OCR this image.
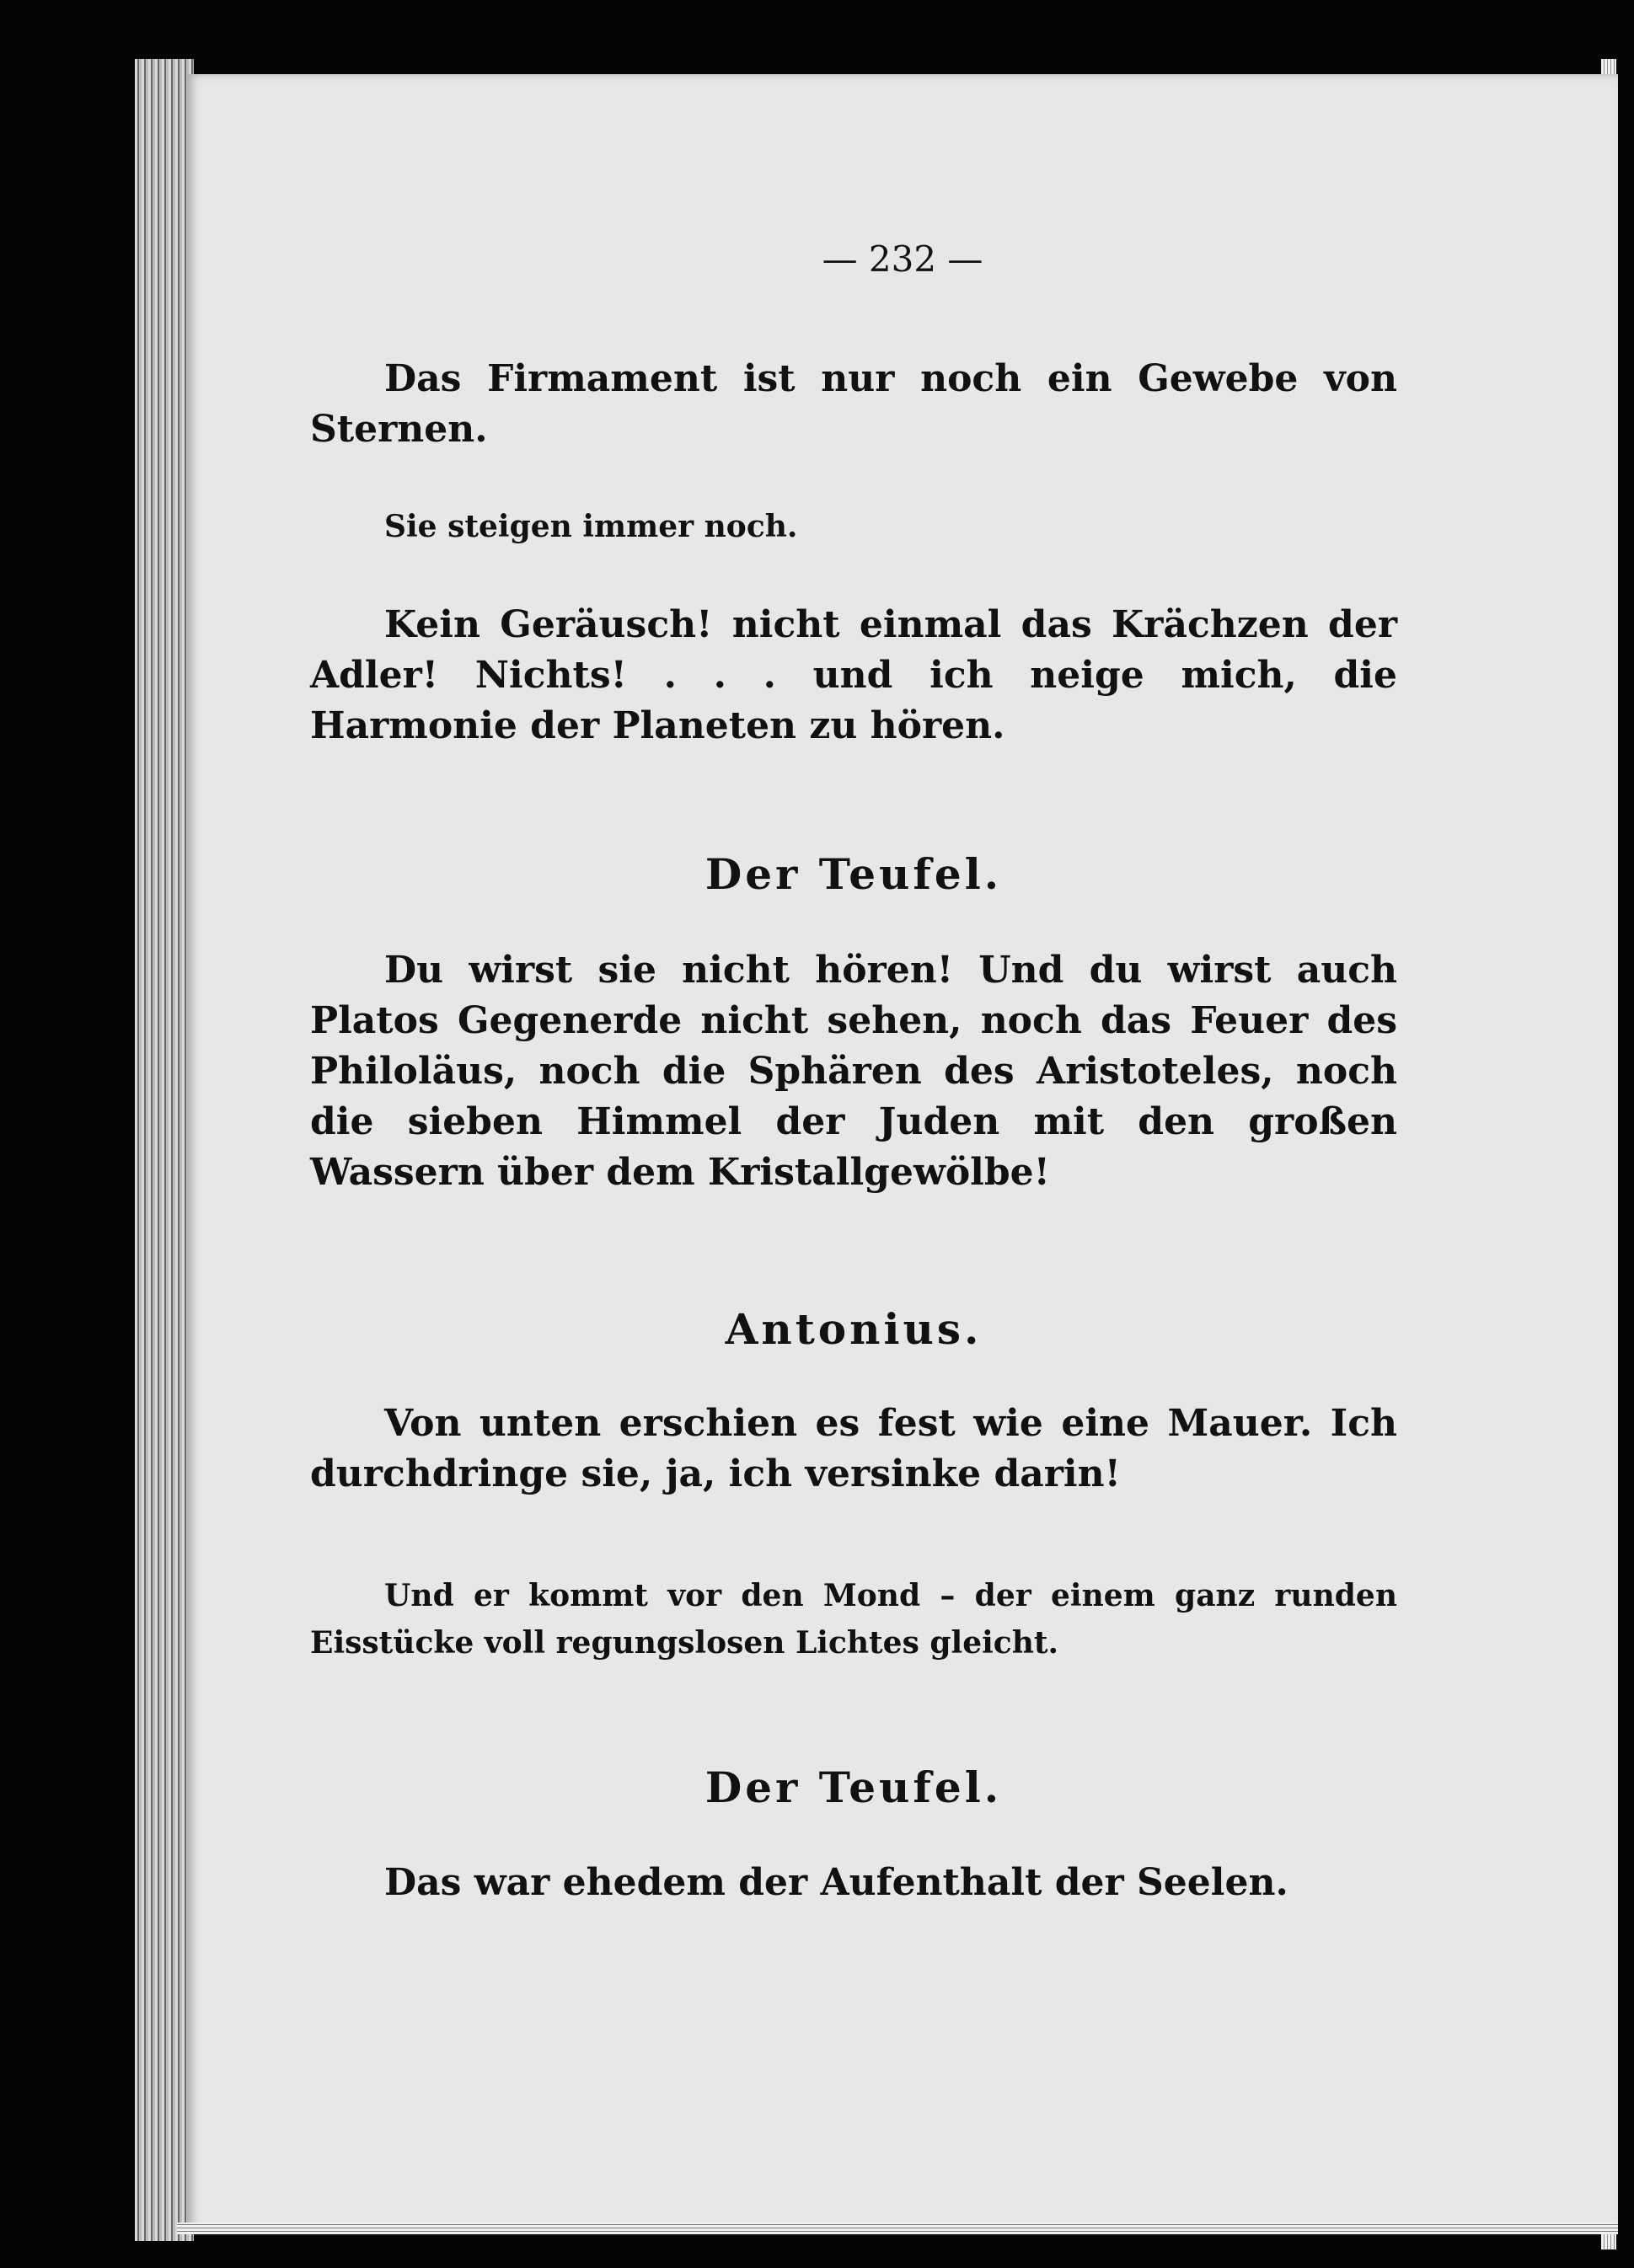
— 232 —
Das Firmament ist nur noch ein Gewebe von Sternen.
Sie steigen immer noch.
Kein Geräusch! nicht einmal das Krächzen der Adler! Nichts! . . . und ich neige mich, die Harmonie der Planeten zu hören.
Der Teufel.
Du wirst sie nicht hören! Und du wirst auch Platos Gegenerde nicht sehen, noch das Feuer des Philoläus, noch die Sphären des Aristoteles, noch die sieben Himmel der Juden mit den großen Wassern über dem Kristallgewölbe!
Antonius.
Von unten erschien es fest wie eine Mauer. Ich durchdringe sie, ja, ich versinke darin!
Und er kommt vor den Mond – der einem ganz runden Eisstücke voll regungslosen Lichtes gleicht.
Der Teufel.
Das war ehedem der Aufenthalt der Seelen.
